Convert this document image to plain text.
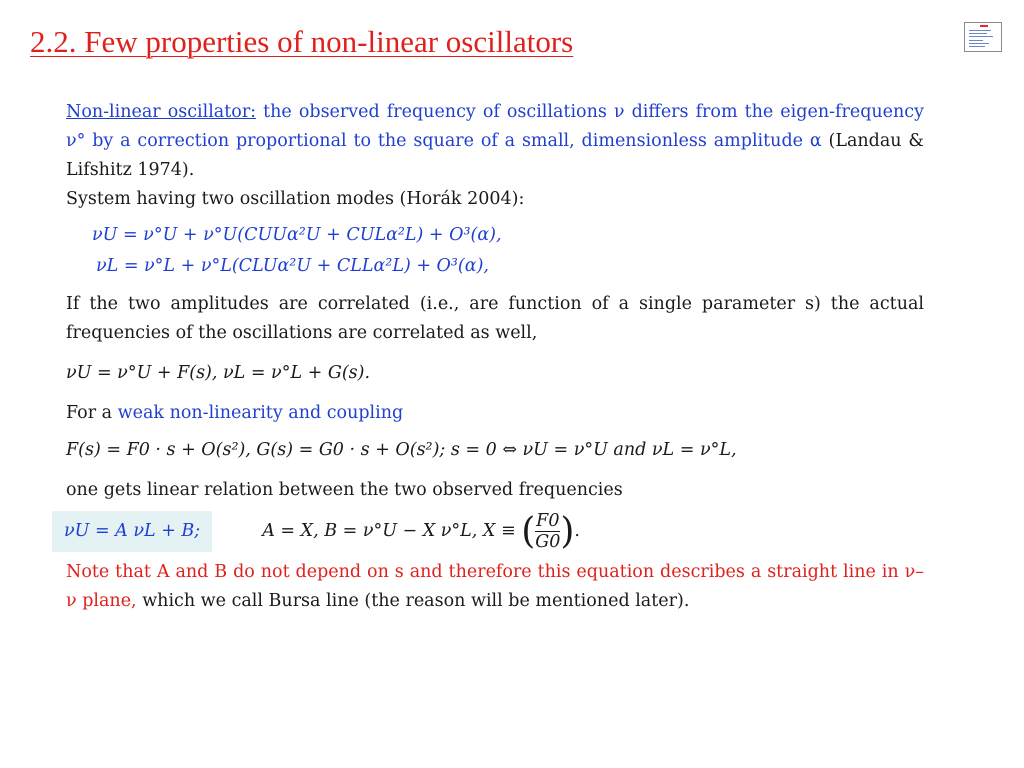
2.2. Few properties of non-linear oscillators

Non-linear oscillator: the observed frequency of oscillations ν differs from the eigen-frequency ν° by a correction proportional to the square of a small, dimensionless amplitude α (Landau & Lifshitz 1974).

System having two oscillation modes (Horák 2004):

νU = ν°U + ν°U(CUUα²U + CULα²L) + O³(α),
νL = ν°L + ν°L(CLUα²U + CLLα²L) + O³(α),

If the two amplitudes are correlated (i.e., are function of a single parameter s) the actual frequencies of the oscillations are correlated as well,

νU = ν°U + F(s), νL = ν°L + G(s).

For a weak non-linearity and coupling

F(s) = F0 · s + O(s²), G(s) = G0 · s + O(s²); s = 0 ⇔ νU = ν°U and νL = ν°L,

one gets linear relation between the two observed frequencies

νU = A νL + B;	A = X, B = ν°U − X ν°L, X ≡ ( $\frac{F0}{G0}$ ).

Note that A and B do not depend on s and therefore this equation describes a straight line in ν–ν plane, which we call Bursa line (the reason will be mentioned later).
